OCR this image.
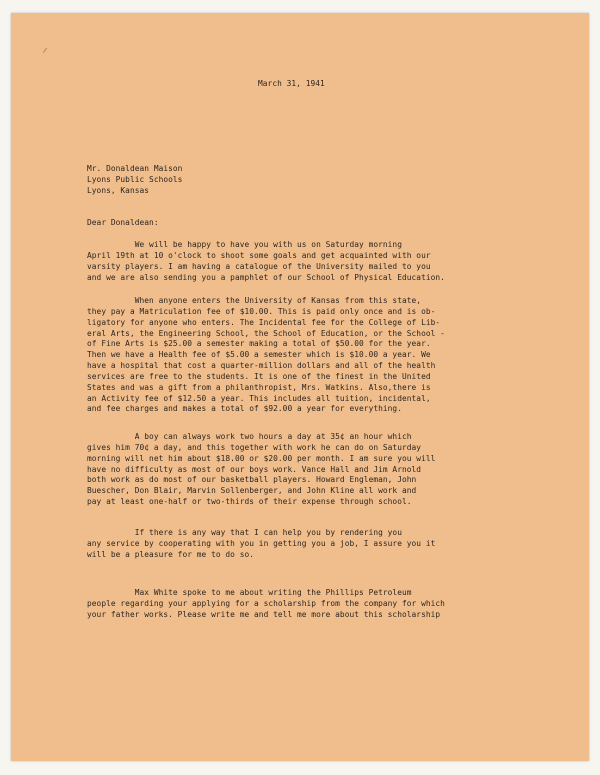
March 31, 1941
Mr. Donaldean Maison
Lyons Public Schools
Lyons, Kansas
Dear Donaldean:
We will be happy to have you with us on Saturday morning
April 19th at 10 o'clock to shoot some goals and get acquainted with our
varsity players. I am having a catalogue of the University mailed to you
and we are also sending you a pamphlet of our School of Physical Education.
When anyone enters the University of Kansas from this state,
they pay a Matriculation fee of $10.00. This is paid only once and is ob-
ligatory for anyone who enters. The Incidental fee for the College of Lib-
eral Arts, the Engineering School, the School of Education, or the School -
of Fine Arts is $25.00 a semester making a total of $50.00 for the year.
Then we have a Health fee of $5.00 a semester which is $10.00 a year. We
have a hospital that cost a quarter-million dollars and all of the health
services are free to the students. It is one of the finest in the United
States and was a gift from a philanthropist, Mrs. Watkins. Also,there is
an Activity fee of $12.50 a year. This includes all tuition, incidental,
and fee charges and makes a total of $92.00 a year for everything.
A boy can always work two hours a day at 35¢ an hour which
gives him 70¢ a day, and this together with work he can do on Saturday
morning will net him about $18.00 or $20.00 per month. I am sure you will
have no difficulty as most of our boys work. Vance Hall and Jim Arnold
both work as do most of our basketball players. Howard Engleman, John
Buescher, Don Blair, Marvin Sollenberger, and John Kline all work and
pay at least one-half or two-thirds of their expense through school.
If there is any way that I can help you by rendering you
any service by cooperating with you in getting you a job, I assure you it
will be a pleasure for me to do so.
Max White spoke to me about writing the Phillips Petroleum
people regarding your applying for a scholarship from the company for which
your father works. Please write me and tell me more about this scholarship
